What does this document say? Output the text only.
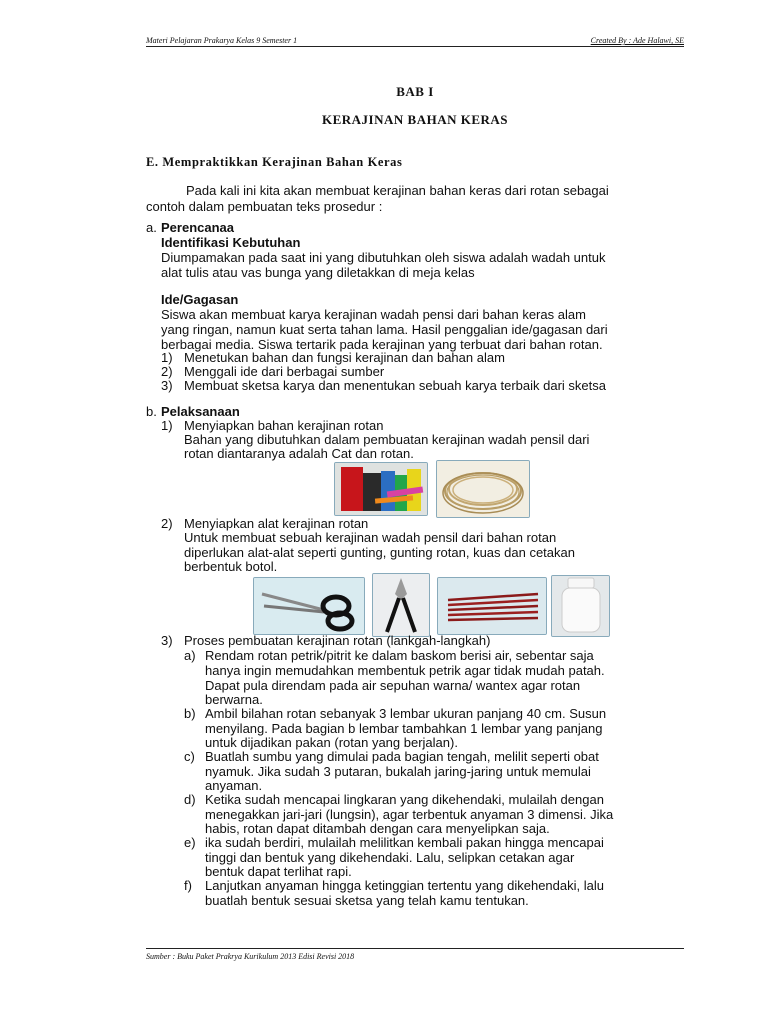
Materi Pelajaran Prakarya Kelas 9 Semester 1	Created By : Ade Halawi, SE
BAB I
KERAJINAN BAHAN KERAS
E. Mempraktikkan Kerajinan Bahan Keras
Pada kali ini kita akan membuat kerajinan bahan keras dari rotan sebagai
contoh dalam pembuatan teks prosedur :
a. Perencanaa
Identifikasi Kebutuhan
Diumpamakan pada saat ini yang dibutuhkan oleh siswa adalah wadah untuk
alat tulis atau vas bunga yang diletakkan di meja kelas
Ide/Gagasan
Siswa akan membuat karya kerajinan wadah pensi dari bahan keras alam
yang ringan, namun kuat serta tahan lama. Hasil penggalian ide/gagasan dari
berbagai media. Siswa tertarik pada kerajinan yang terbuat dari bahan rotan.
1) Menetukan bahan dan fungsi kerajinan dan bahan alam
2) Menggali ide dari berbagai sumber
3) Membuat sketsa karya dan menentukan sebuah karya terbaik dari sketsa
b. Pelaksanaan
1) Menyiapkan bahan kerajinan rotan
Bahan yang dibutuhkan dalam pembuatan kerajinan wadah pensil dari
rotan diantaranya adalah Cat dan rotan.
2) Menyiapkan alat kerajinan rotan
Untuk membuat sebuah kerajinan wadah pensil dari bahan rotan
diperlukan alat-alat seperti gunting, gunting rotan, kuas dan cetakan
berbentuk botol.
3) Proses pembuatan kerajinan rotan (lankgah-langkah)
a) Rendam rotan petrik/pitrit ke dalam baskom berisi air, sebentar saja
hanya ingin memudahkan membentuk petrik agar tidak mudah patah.
Dapat pula direndam pada air sepuhan warna/ wantex agar rotan
berwarna.
b) Ambil bilahan rotan sebanyak 3 lembar ukuran panjang 40 cm. Susun
menyilang. Pada bagian b lembar tambahkan 1 lembar yang panjang
untuk dijadikan pakan (rotan yang berjalan).
c) Buatlah sumbu yang dimulai pada bagian tengah, melilit seperti obat
nyamuk. Jika sudah 3 putaran, bukalah jaring-jaring untuk memulai
anyaman.
d) Ketika sudah mencapai lingkaran yang dikehendaki, mulailah dengan
menegakkan jari-jari (lungsin), agar terbentuk anyaman 3 dimensi. Jika
habis, rotan dapat ditambah dengan cara menyelipkan saja.
e) ika sudah berdiri, mulailah melilitkan kembali pakan hingga mencapai
tinggi dan bentuk yang dikehendaki. Lalu, selipkan cetakan agar
bentuk dapat terlihat rapi.
f) Lanjutkan anyaman hingga ketinggian tertentu yang dikehendaki, lalu
buatlah bentuk sesuai sketsa yang telah kamu tentukan.
Sumber : Buku Paket Prakrya Kurikulum 2013 Edisi Revisi 2018
